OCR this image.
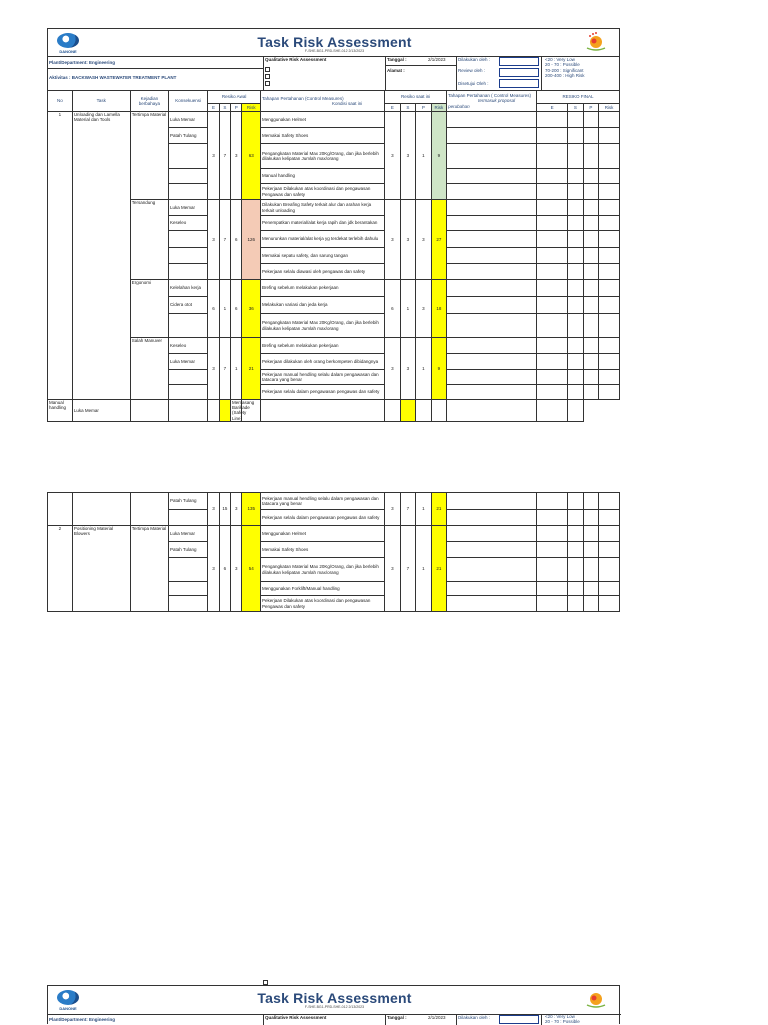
DANONE
Task Risk Assessment
F-SHE-BG1-PRD-SHE-012 2/13/2023
Plant/Department: Engineering
Aktivitas : BACKWASH WASTEWATER TREATMENT PLANT
Qualitative Risk Assessment	Tanggal :	2/1/2023
Alamat :
Dilakukan oleh :
Review oleh :
Disetujui Oleh :
<20 : Very Low
20 - 70 : Possible
70-200 : Significant
200-400 : High Risk
No	Task	Kejadian berbahaya	Konsekuensi	Resiko Awal				Tahapan Pertahanan (Control Measures)
Kondisi saat ini	Resiko saat ini				Tahapan Pertahanan ( Control Measures)
termasuk proposal perubahan	RESIKO FINAL			
				E	S	P	Risk		E	S	P	Risk		E	S	P	Risk
1	Unloading dan Lamella Material dan Tools	Tertimpa Material	Luka Memar	3	7	3	63	Menggunakan Helmet	3	3	1	9					
			Patah Tulang					Memakai Safety Shoes									
								Pengangkatan Material Max 20Kg/Orang, dan jika berlebih dilakukan kelipatan Jumlah max/orang									
								Manual handling									
								Pekerjaan Dilakukan atas koordinasi dan pengawasan Pengawas dan safety									
		Tersandung	Luka Memar	3	7	6	126	Dilakukan Breafing Safety terkait alur dan arahan kerja terkait unloading	3	3	3	27					
			Keseleo					Penempatkan material/alat kerja rapih dan jdk berantakan									
								Menurunkan material/alat kerja yg terdekat terlebih dahulu									
								Memakai sepatu safety, dan sarung tangan									
								Pekerjaan selalu diawasi oleh pengawas dan safety									
		Ergonomi	Kelelahan kerja	6	1	6	36	Brefing sebelum melakukan pekerjaan	6	1	3	18					
			Cidera otot					Melakukan variasi dan jeda kerja									
								Pengangkatan Material Max 20Kg/Orang, dan jika berlebih dilakukan kelipatan Jumlah max/orang									
		Salah Manuver	Keseleo	3	7	1	21	Brefing sebelum melakukan pekerjaan	3	3	1	9					
			Luka Memar					Pekerjaan dilakukan oleh orang berkompeten dibidangnya									
								Pekerjaan manual hendling selalu dalam pengawasan dan tatacara yang benar									
								Pekerjaan selalu dalam pengawasan pengawas dan safety									
Manual handling	Luka Memar					Memasang Barikade (Safety Line)											
			Patah Tulang	3	15	3	135	Pekerjaan manual hendling selalu dalam pengawasan dan tatacara yang benar	3	7	1	21					
								Pekerjaan selalu dalam pengawasan pengawas dan safety									
2	Positioning Material Blowers	Tertimpa Material	Luka Memar	3	6	3	54	Menggunakan Helmet	3	7	1	21					
			Patah Tulang					Memakai Safety Shoes									
								Pengangkatan Material Max 20Kg/Orang, dan jika berlebih dilakukan kelipatan Jumlah max/orang									
								Menggunakan Forklift/Manual handling									
								Pekerjaan Dilakukan atas koordinasi dan pengawasan Pengawas dan safety									
DANONE
Task Risk Assessment
F-SHE-BG1-PRD-SHE-012 2/13/2023
Plant/Department: Engineering	Qualitative Risk Assessment	Tanggal :	2/1/2023	Dilakukan oleh :	<20 : Very Low
20 - 70 : Possible
